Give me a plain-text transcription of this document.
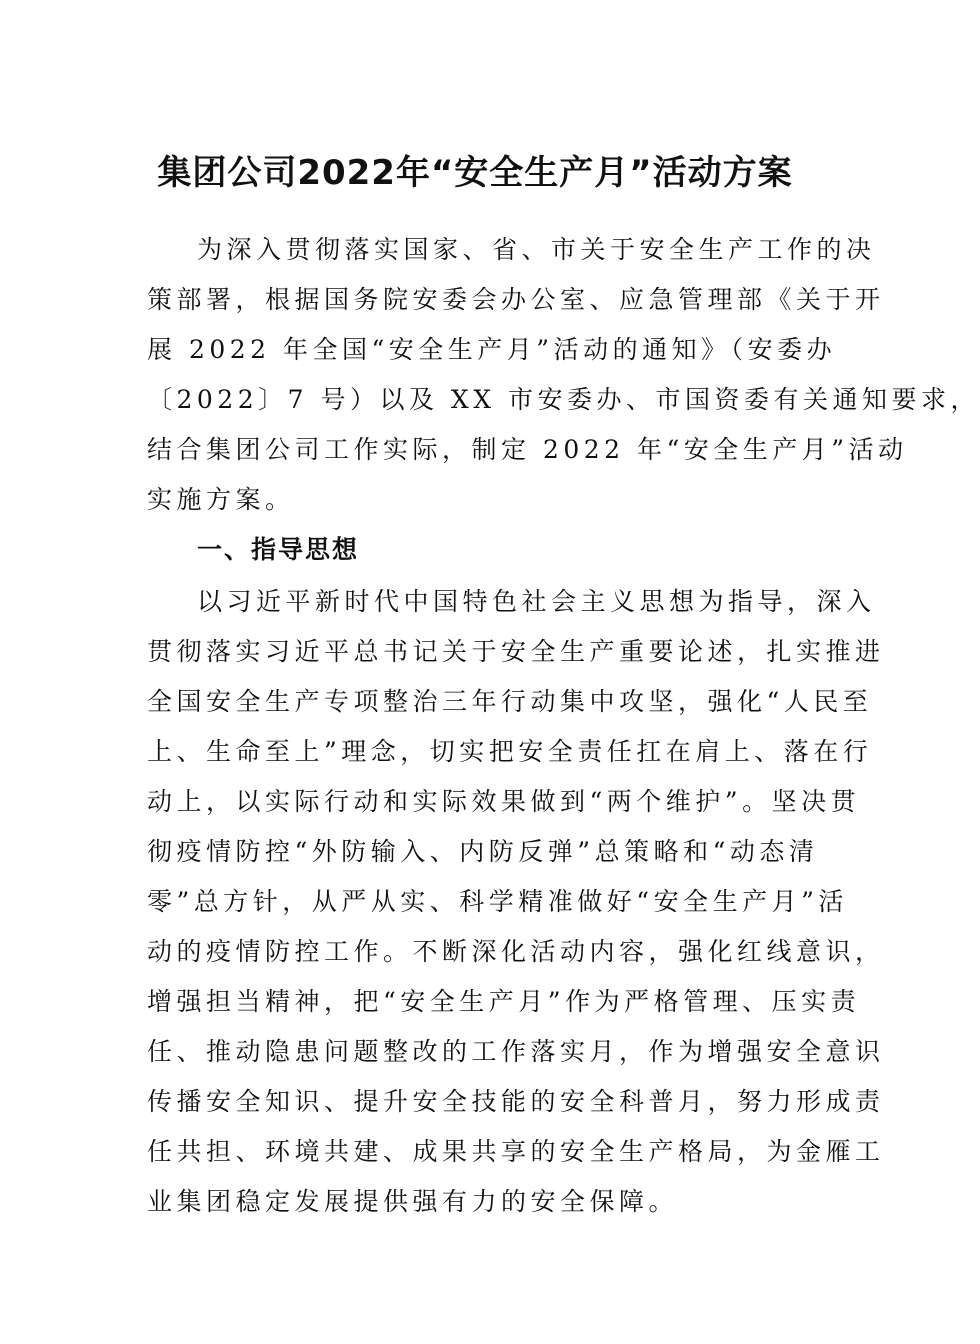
集团公司2022年“安全生产月”活动方案
为深入贯彻落实国家、省、市关于安全生产工作的决
策部署，根据国务院安委会办公室、应急管理部《关于开
展 2022 年全国“安全生产月”活动的通知》（安委办
〔2022〕7 号）以及 XX 市安委办、市国资委有关通知要求，
结合集团公司工作实际，制定 2022 年“安全生产月”活动
实施方案。
一、指导思想
以习近平新时代中国特色社会主义思想为指导，深入
贯彻落实习近平总书记关于安全生产重要论述，扎实推进
全国安全生产专项整治三年行动集中攻坚，强化“人民至
上、生命至上”理念，切实把安全责任扛在肩上、落在行
动上，以实际行动和实际效果做到“两个维护”。坚决贯
彻疫情防控“外防输入、内防反弹”总策略和“动态清
零”总方针，从严从实、科学精准做好“安全生产月”活
动的疫情防控工作。不断深化活动内容，强化红线意识，
增强担当精神，把“安全生产月”作为严格管理、压实责
任、推动隐患问题整改的工作落实月，作为增强安全意识
传播安全知识、提升安全技能的安全科普月，努力形成责
任共担、环境共建、成果共享的安全生产格局，为金雁工
业集团稳定发展提供强有力的安全保障。
